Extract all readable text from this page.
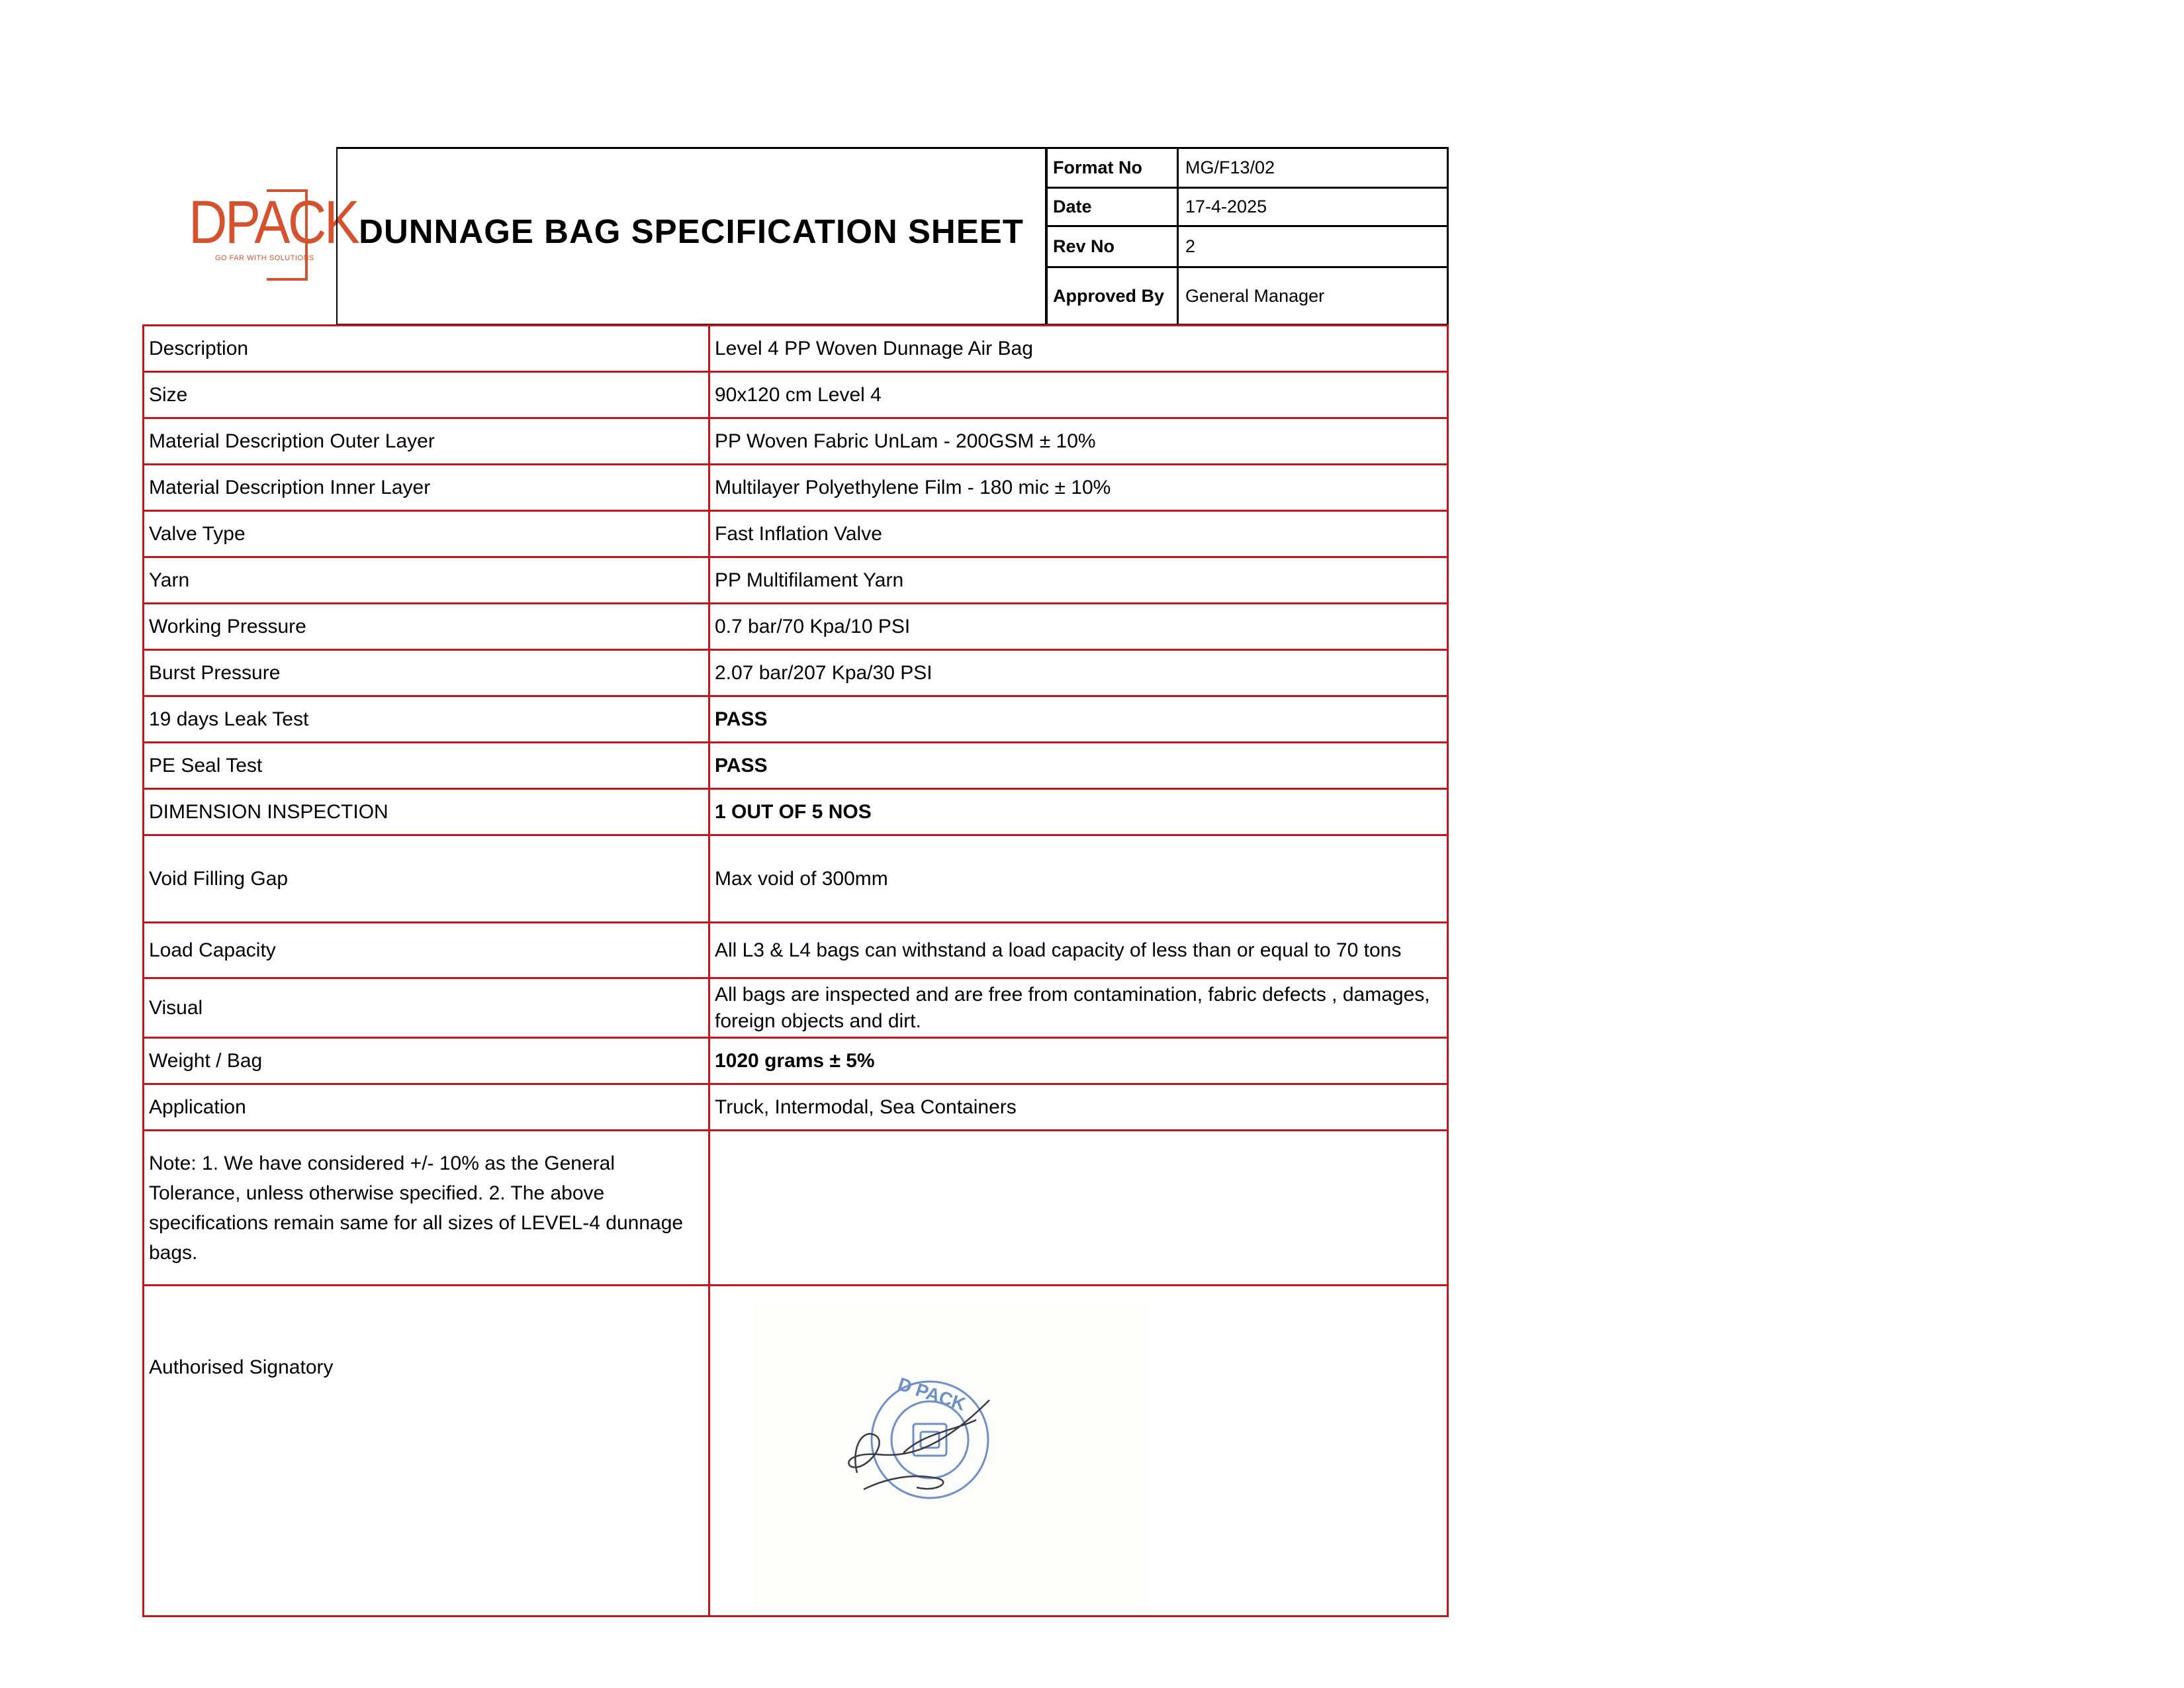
DPACK
GO FAR WITH SOLUTIONS
DUNNAGE BAG SPECIFICATION SHEET
Format No	MG/F13/02
Date	17-4-2025
Rev No	2
Approved By	General Manager
Description	Level 4 PP Woven Dunnage Air Bag
Size	90x120 cm Level 4
Material Description Outer Layer	PP Woven Fabric UnLam - 200GSM ± 10%
Material Description Inner Layer	Multilayer Polyethylene Film - 180 mic ± 10%
Valve Type	Fast Inflation Valve
Yarn	PP Multifilament Yarn
Working Pressure	0.7 bar/70 Kpa/10 PSI
Burst Pressure	2.07 bar/207 Kpa/30 PSI
19 days Leak Test	PASS
PE Seal Test	PASS
DIMENSION INSPECTION	1 OUT OF 5 NOS
Void Filling Gap	Max void of 300mm
Load Capacity	All L3 & L4 bags can withstand a load capacity of less than or equal to 70 tons
Visual	All bags are inspected and are free from contamination, fabric defects , damages, foreign objects and dirt.
Weight / Bag	1020 grams ± 5%
Application	Truck, Intermodal, Sea Containers
Note: 1. We have considered +/- 10% as the General Tolerance, unless otherwise specified. 2. The above specifications remain same for all sizes of LEVEL-4 dunnage bags.	
Authorised Signatory	
D PACK
